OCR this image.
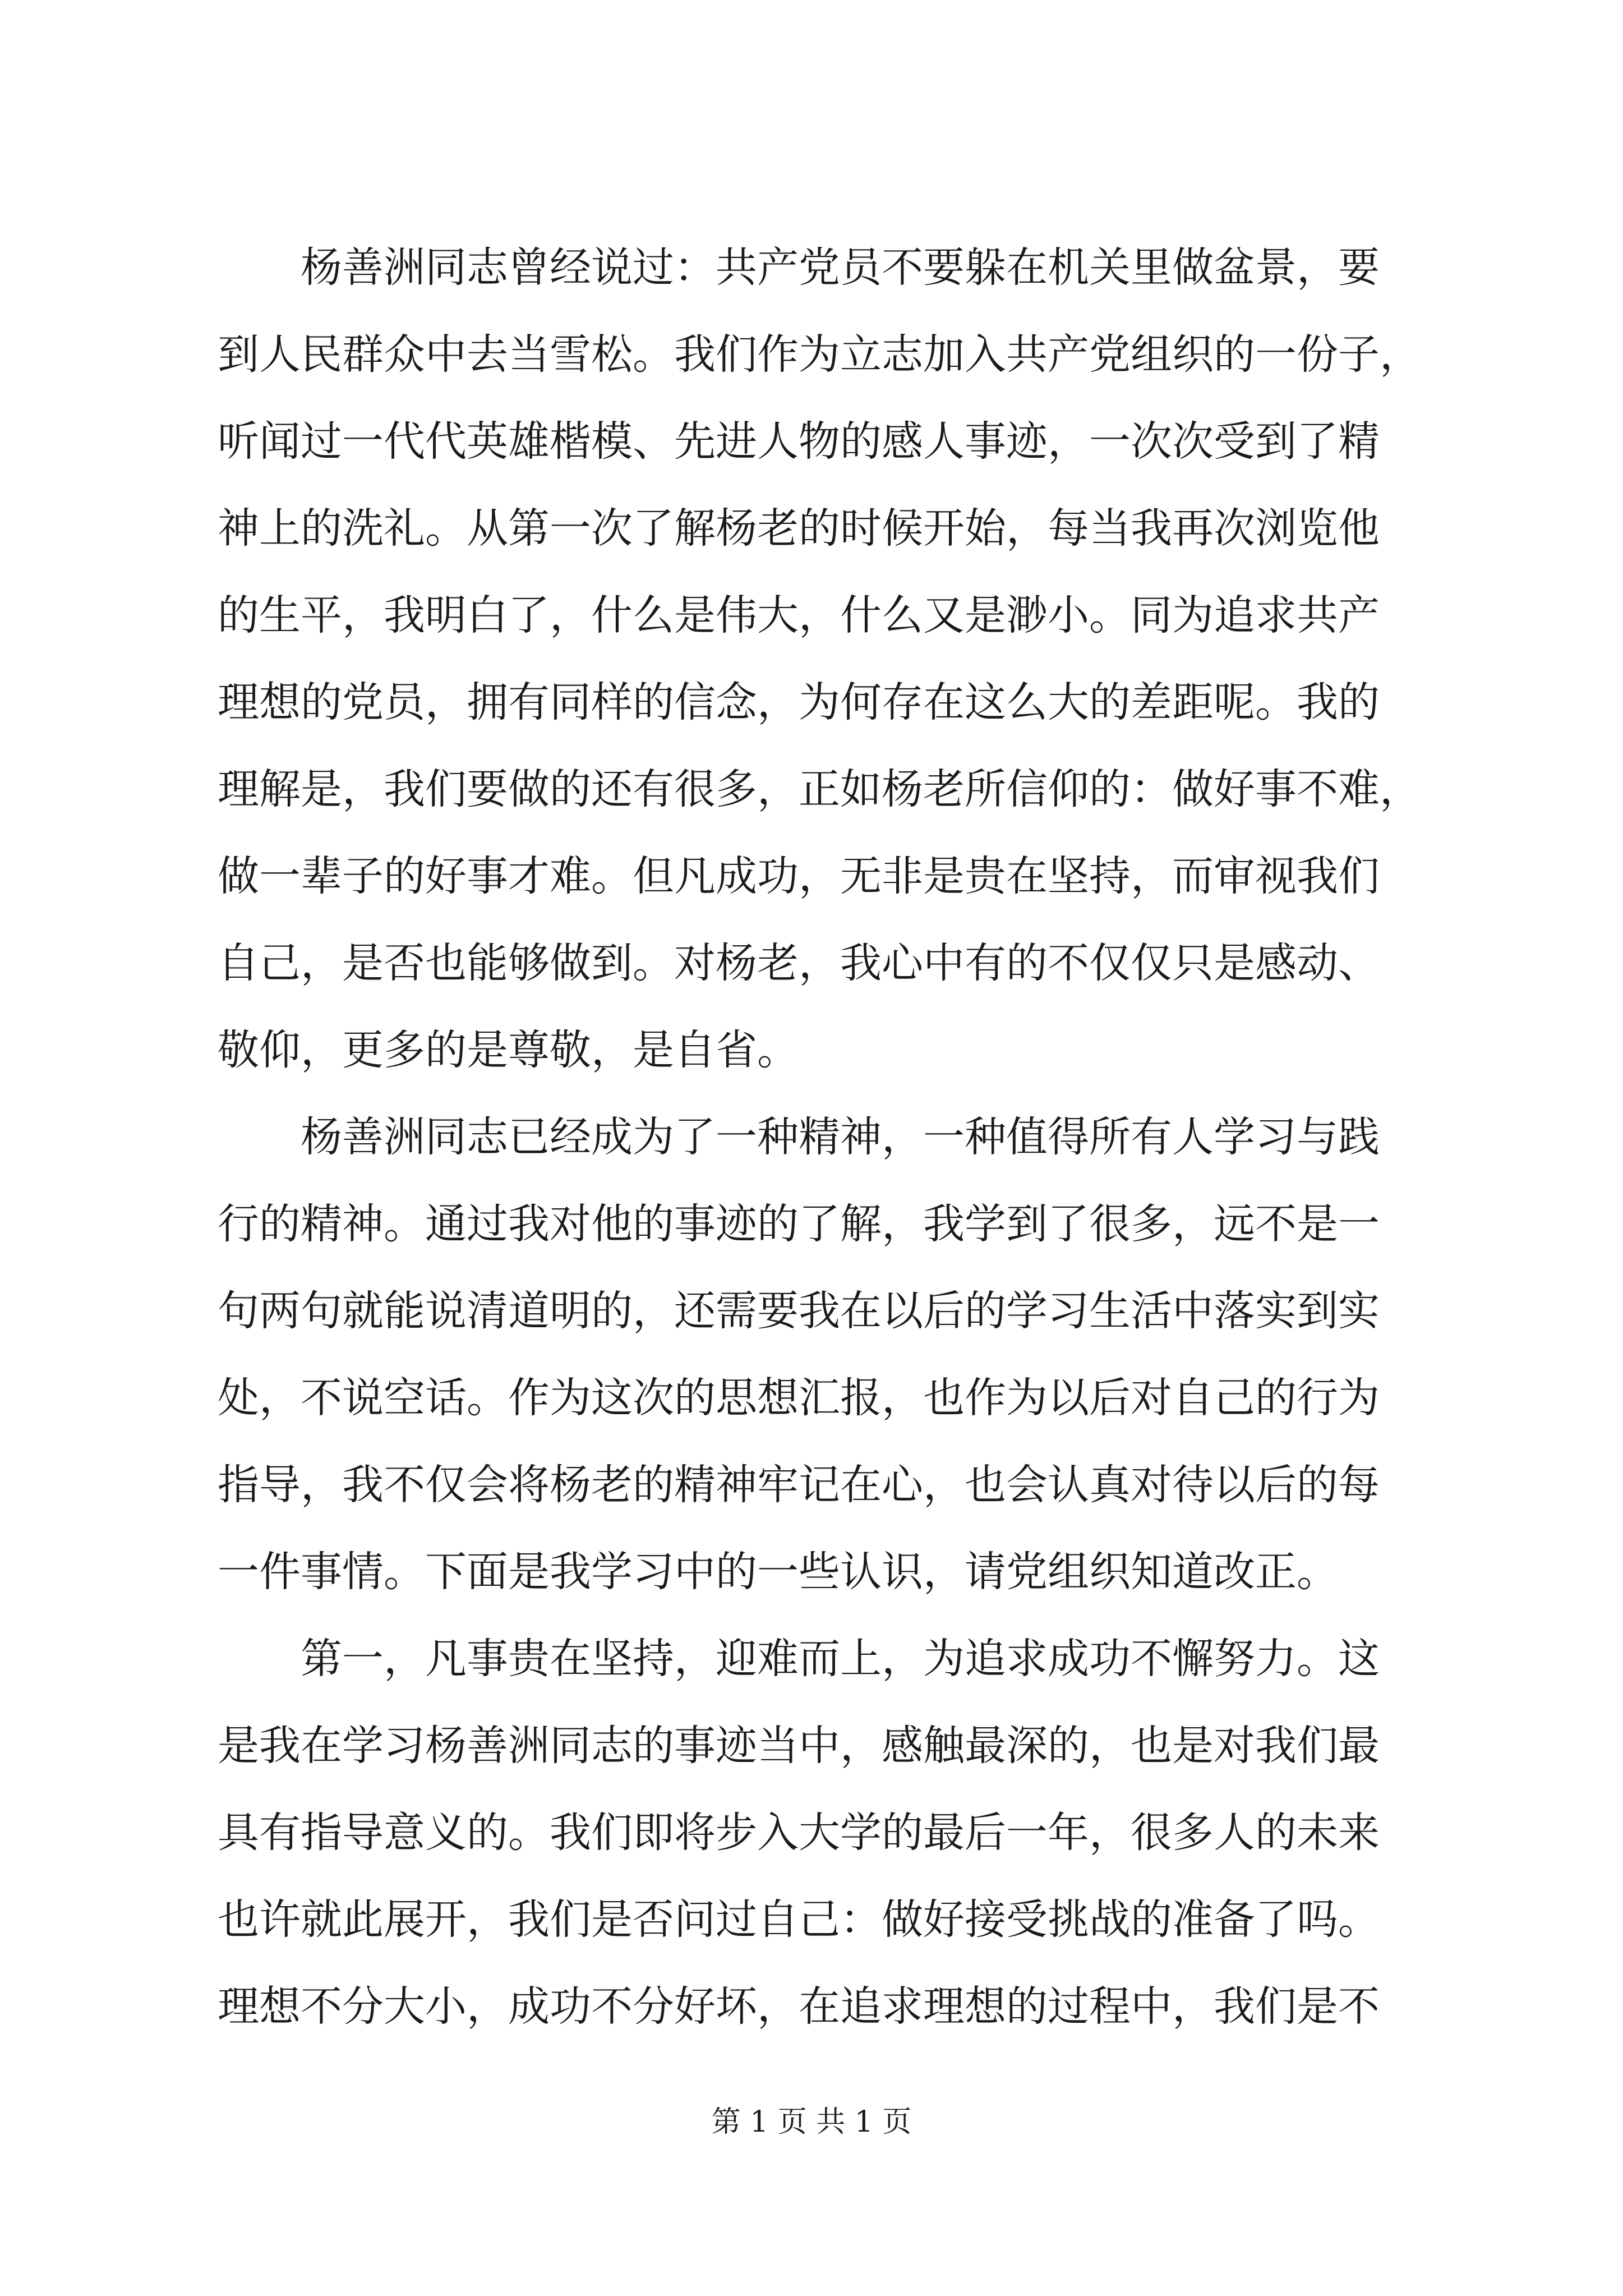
　　杨善洲同志曾经说过：共产党员不要躲在机关里做盆景，要
到人民群众中去当雪松。我们作为立志加入共产党组织的一份子，
听闻过一代代英雄楷模、先进人物的感人事迹，一次次受到了精
神上的洗礼。从第一次了解杨老的时候开始，每当我再次浏览他
的生平，我明白了，什么是伟大，什么又是渺小。同为追求共产
理想的党员，拥有同样的信念，为何存在这么大的差距呢。我的
理解是，我们要做的还有很多，正如杨老所信仰的：做好事不难，
做一辈子的好事才难。但凡成功，无非是贵在坚持，而审视我们
自己，是否也能够做到。对杨老，我心中有的不仅仅只是感动、
敬仰，更多的是尊敬，是自省。
　　杨善洲同志已经成为了一种精神，一种值得所有人学习与践
行的精神。通过我对他的事迹的了解，我学到了很多，远不是一
句两句就能说清道明的，还需要我在以后的学习生活中落实到实
处，不说空话。作为这次的思想汇报，也作为以后对自己的行为
指导，我不仅会将杨老的精神牢记在心，也会认真对待以后的每
一件事情。下面是我学习中的一些认识，请党组织知道改正。
　　第一，凡事贵在坚持，迎难而上，为追求成功不懈努力。这
是我在学习杨善洲同志的事迹当中，感触最深的，也是对我们最
具有指导意义的。我们即将步入大学的最后一年，很多人的未来
也许就此展开，我们是否问过自己：做好接受挑战的准备了吗。
理想不分大小，成功不分好坏，在追求理想的过程中，我们是不
第 1 页 共 1 页
